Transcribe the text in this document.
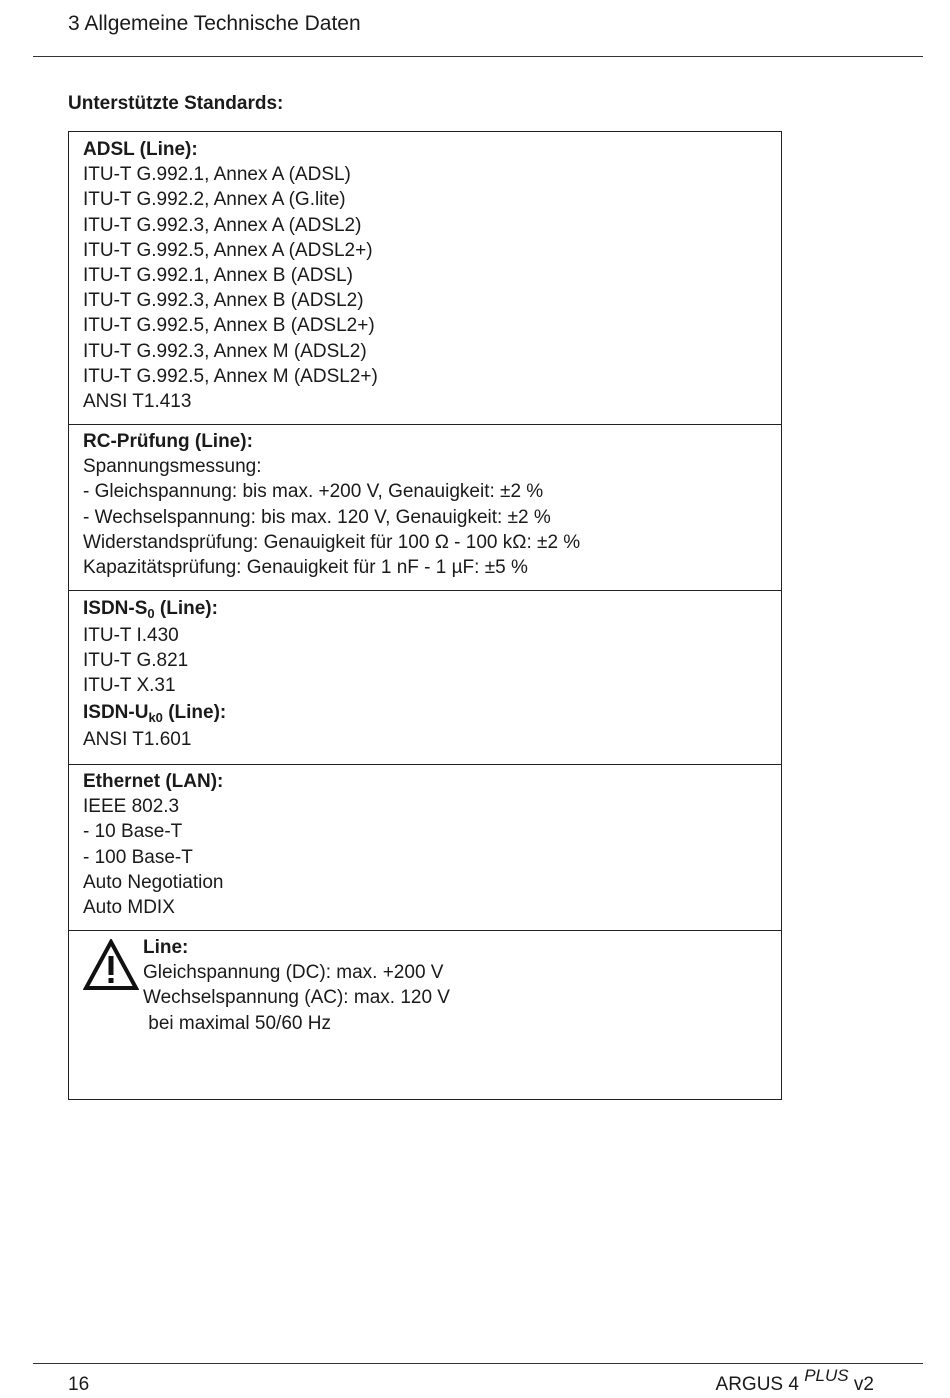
3 Allgemeine Technische Daten
Unterstützte Standards:
ADSL (Line):
ITU-T G.992.1, Annex A (ADSL)
ITU-T G.992.2, Annex A (G.lite)
ITU-T G.992.3, Annex A (ADSL2)
ITU-T G.992.5, Annex A (ADSL2+)
ITU-T G.992.1, Annex B (ADSL)
ITU-T G.992.3, Annex B (ADSL2)
ITU-T G.992.5, Annex B (ADSL2+)
ITU-T G.992.3, Annex M (ADSL2)
ITU-T G.992.5, Annex M (ADSL2+)
ANSI T1.413
RC-Prüfung (Line):
Spannungsmessung:
- Gleichspannung: bis max. +200 V, Genauigkeit: ±2 %
- Wechselspannung: bis max. 120 V, Genauigkeit: ±2 %
Widerstandsprüfung: Genauigkeit für 100 Ω - 100 kΩ: ±2 %
Kapazitätsprüfung: Genauigkeit für 1 nF - 1 µF: ±5 %
ISDN-$S_0$ (Line):
ITU-T I.430
ITU-T G.821
ITU-T X.31
ISDN-$U_{k0}$ (Line):
ANSI T1.601
Ethernet (LAN):
IEEE 802.3
- 10 Base-T
- 100 Base-T
Auto Negotiation
Auto MDIX
Line:
Gleichspannung (DC): max. +200 V
Wechselspannung (AC): max. 120 V
bei maximal 50/60 Hz
16	ARGUS 4 PLUS v2
